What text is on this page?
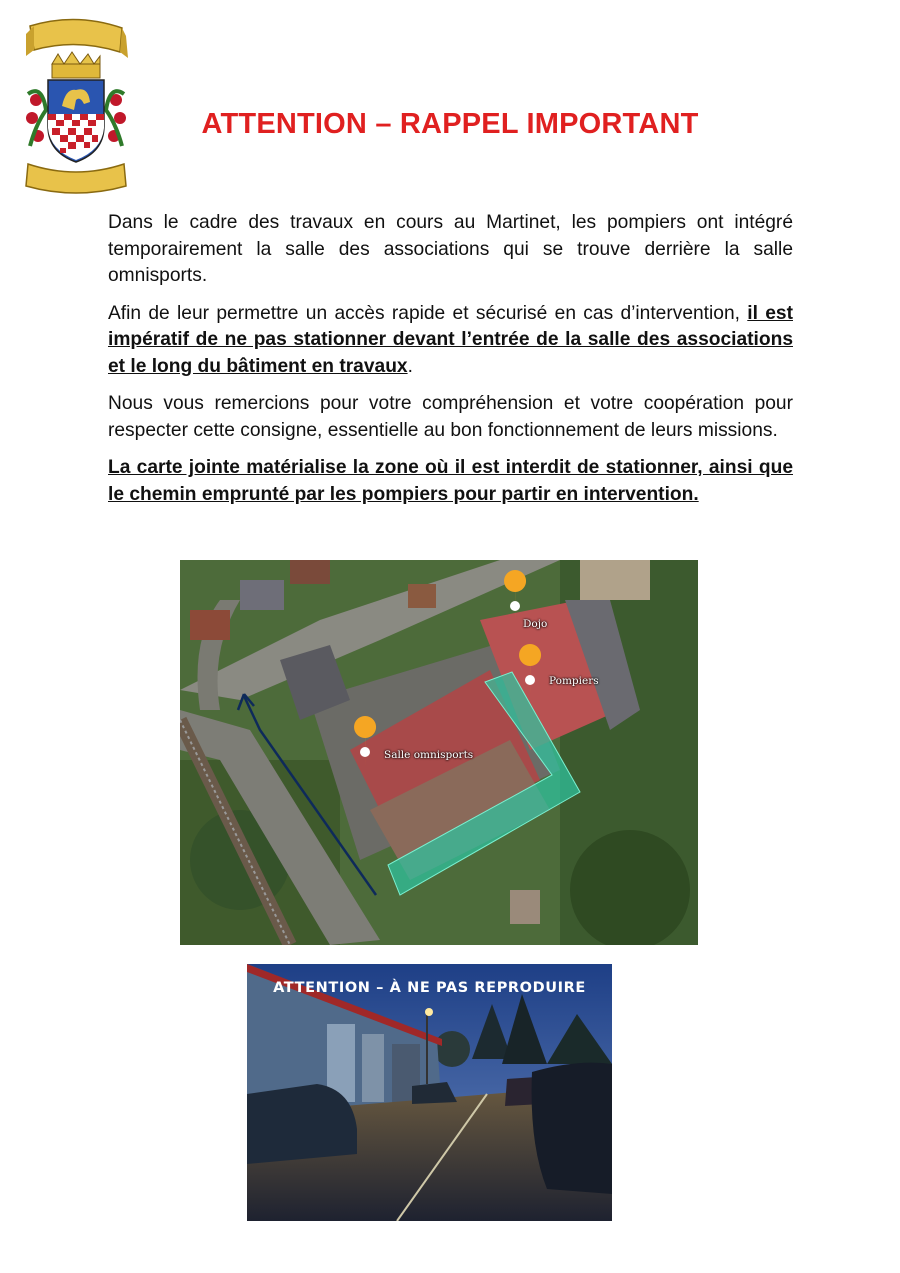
ATTENTION – RAPPEL IMPORTANT

Dans le cadre des travaux en cours au Martinet, les pompiers ont intégré temporairement la salle des associations qui se trouve derrière la salle omnisports.

Afin de leur permettre un accès rapide et sécurisé en cas d’intervention, il est impératif de ne pas stationner devant l’entrée de la salle des associations et le long du bâtiment en travaux.

Nous vous remercions pour votre compréhension et votre coopération pour respecter cette consigne, essentielle au bon fonctionnement de leurs missions.

La carte jointe matérialise la zone où il est interdit de stationner, ainsi que le chemin emprunté par les pompiers pour partir en intervention.

Dojo
Pompiers
Salle omnisports
ATTENTION – À NE PAS REPRODUIRE
